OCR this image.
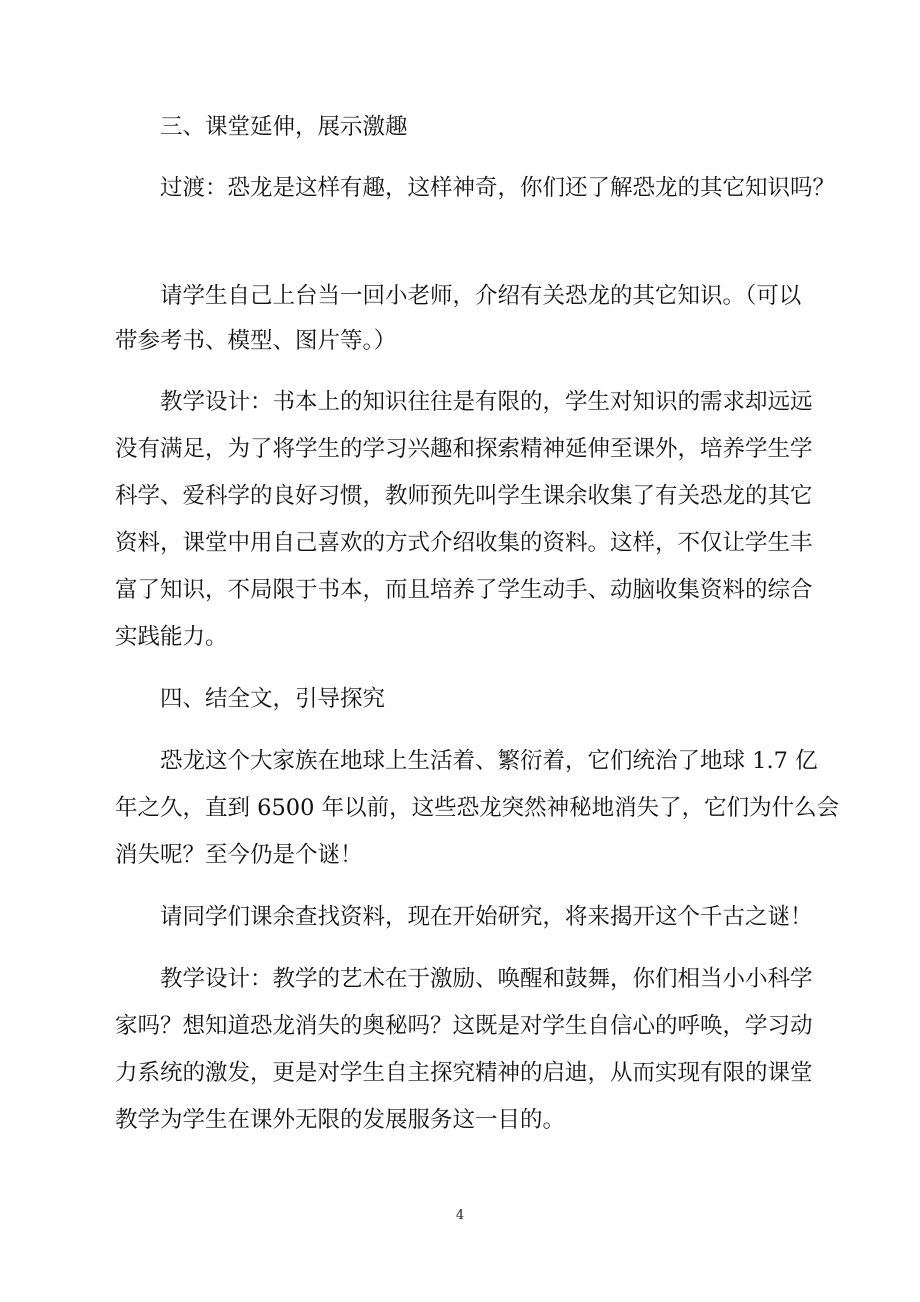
三、课堂延伸，展示激趣
过渡：恐龙是这样有趣，这样神奇，你们还了解恐龙的其它知识吗？
请学生自己上台当一回小老师，介绍有关恐龙的其它知识。（可以
带参考书、模型、图片等。）
教学设计：书本上的知识往往是有限的，学生对知识的需求却远远
没有满足，为了将学生的学习兴趣和探索精神延伸至课外，培养学生学
科学、爱科学的良好习惯，教师预先叫学生课余收集了有关恐龙的其它
资料，课堂中用自己喜欢的方式介绍收集的资料。这样，不仅让学生丰
富了知识，不局限于书本，而且培养了学生动手、动脑收集资料的综合
实践能力。
四、结全文，引导探究
恐龙这个大家族在地球上生活着、繁衍着，它们统治了地球 1.7 亿
年之久，直到 6500 年以前，这些恐龙突然神秘地消失了，它们为什么会
消失呢？至今仍是个谜！
请同学们课余查找资料，现在开始研究，将来揭开这个千古之谜！
教学设计：教学的艺术在于激励、唤醒和鼓舞，你们相当小小科学
家吗？想知道恐龙消失的奥秘吗？这既是对学生自信心的呼唤，学习动
力系统的激发，更是对学生自主探究精神的启迪，从而实现有限的课堂
教学为学生在课外无限的发展服务这一目的。
4
